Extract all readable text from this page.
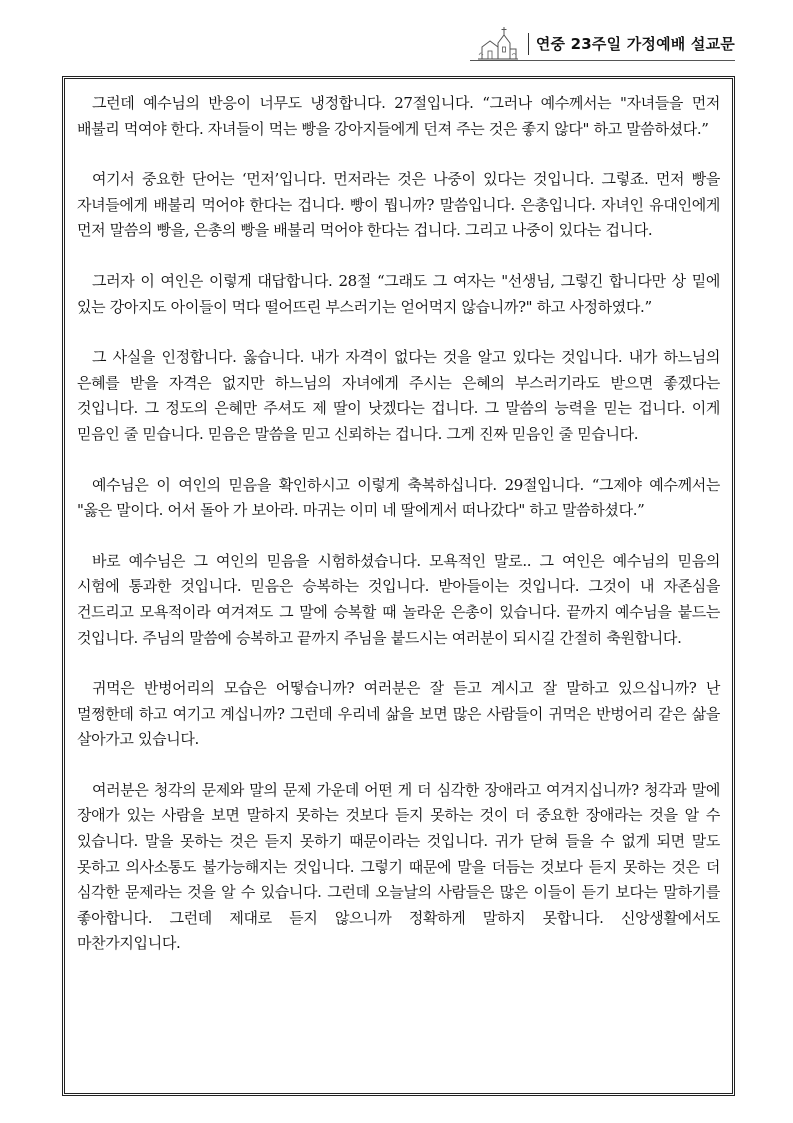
연중 23주일 가정예배 설교문

그런데 예수님의 반응이 너무도 냉정합니다. 27절입니다. “그러나 예수께서는 "자녀들을 먼저 배불리 먹여야 한다. 자녀들이 먹는 빵을 강아지들에게 던져 주는 것은 좋지 않다" 하고 말씀하셨다.”

여기서 중요한 단어는 ‘먼저’입니다. 먼저라는 것은 나중이 있다는 것입니다. 그렇죠. 먼저 빵을 자녀들에게 배불리 먹어야 한다는 겁니다. 빵이 뭡니까? 말씀입니다. 은총입니다. 자녀인 유대인에게 먼저 말씀의 빵을, 은총의 빵을 배불리 먹어야 한다는 겁니다. 그리고 나중이 있다는 겁니다.

그러자 이 여인은 이렇게 대답합니다. 28절 “그래도 그 여자는 "선생님, 그렇긴 합니다만 상 밑에 있는 강아지도 아이들이 먹다 떨어뜨린 부스러기는 얻어먹지 않습니까?" 하고 사정하였다.”

그 사실을 인정합니다. 옳습니다. 내가 자격이 없다는 것을 알고 있다는 것입니다. 내가 하느님의 은혜를 받을 자격은 없지만 하느님의 자녀에게 주시는 은혜의 부스러기라도 받으면 좋겠다는 것입니다. 그 정도의 은혜만 주셔도 제 딸이 낫겠다는 겁니다. 그 말씀의 능력을 믿는 겁니다. 이게 믿음인 줄 믿습니다. 믿음은 말씀을 믿고 신뢰하는 겁니다. 그게 진짜 믿음인 줄 믿습니다.

예수님은 이 여인의 믿음을 확인하시고 이렇게 축복하십니다. 29절입니다. “그제야 예수께서는 "옳은 말이다. 어서 돌아 가 보아라. 마귀는 이미 네 딸에게서 떠나갔다" 하고 말씀하셨다.”

바로 예수님은 그 여인의 믿음을 시험하셨습니다. 모욕적인 말로.. 그 여인은 예수님의 믿음의 시험에 통과한 것입니다. 믿음은 승복하는 것입니다. 받아들이는 것입니다. 그것이 내 자존심을 건드리고 모욕적이라 여겨져도 그 말에 승복할 때 놀라운 은총이 있습니다. 끝까지 예수님을 붙드는 것입니다. 주님의 말씀에 승복하고 끝까지 주님을 붙드시는 여러분이 되시길 간절히 축원합니다.

귀먹은 반벙어리의 모습은 어떻습니까? 여러분은 잘 듣고 계시고 잘 말하고 있으십니까? 난 멀쩡한데 하고 여기고 계십니까? 그런데 우리네 삶을 보면 많은 사람들이 귀먹은 반벙어리 같은 삶을 살아가고 있습니다.

여러분은 청각의 문제와 말의 문제 가운데 어떤 게 더 심각한 장애라고 여겨지십니까? 청각과 말에 장애가 있는 사람을 보면 말하지 못하는 것보다 듣지 못하는 것이 더 중요한 장애라는 것을 알 수 있습니다. 말을 못하는 것은 듣지 못하기 때문이라는 것입니다. 귀가 닫혀 들을 수 없게 되면 말도 못하고 의사소통도 불가능해지는 것입니다. 그렇기 때문에 말을 더듬는 것보다 듣지 못하는 것은 더 심각한 문제라는 것을 알 수 있습니다. 그런데 오늘날의 사람들은 많은 이들이 듣기 보다는 말하기를 좋아합니다. 그런데 제대로 듣지 않으니까 정확하게 말하지 못합니다. 신앙생활에서도 마찬가지입니다.
